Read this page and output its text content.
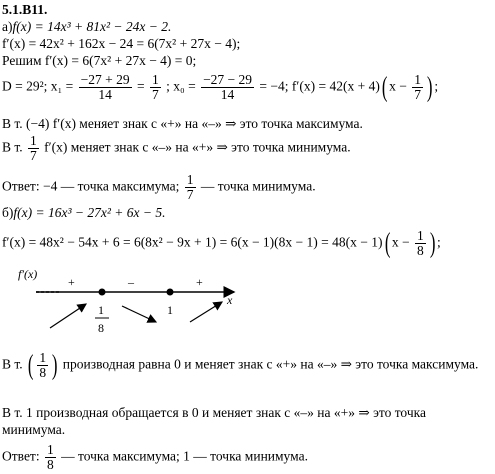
5.1.B11.
а)f(x) = 14x³ + 81x² − 24x − 2.
f′(x) = 42x² + 162x − 24 = 6(7x² + 27x − 4);
Решим f′(x) = 6(7x² + 27x − 4) = 0;
D = 29²; $x_1 = \frac{-27 + 29}{14} = \frac{1}{7}$ ; $x_0 = \frac{-27 - 29}{14} = -4$; f′(x) = 42(x + 4)( $x - \frac{1}{7}$ ) ;
В т. (−4) f′(x) меняет знак с «+» на «–» ⇒ это точка максимума.
В т. $\frac{1}{7} f'(x)$ меняет знак с «–» на «+» ⇒ это точка минимума.
Ответ: −4 — точка максимума; $\frac{1}{7}$ — точка минимума.
б)f(x) = 16x³ − 27x² + 6x − 5.
f′(x) = 48x² − 54x + 6 = 6(8x² − 9x + 1) = 6(x − 1)(8x − 1) = 48(x − 1)( $x - \frac{1}{8}$ ) ;
f′(x)
x
+	–	+
1
8
1
В т. ( $\frac{1}{8}$ ) производная равна 0 и меняет знак с «+» на «–» ⇒ это точка максимума.
В т. 1 производная обращается в 0 и меняет знак с «–» на «+» ⇒ это точка
минимума.
Ответ: $\frac{1}{8}$ — точка максимума; 1 — точка минимума.
